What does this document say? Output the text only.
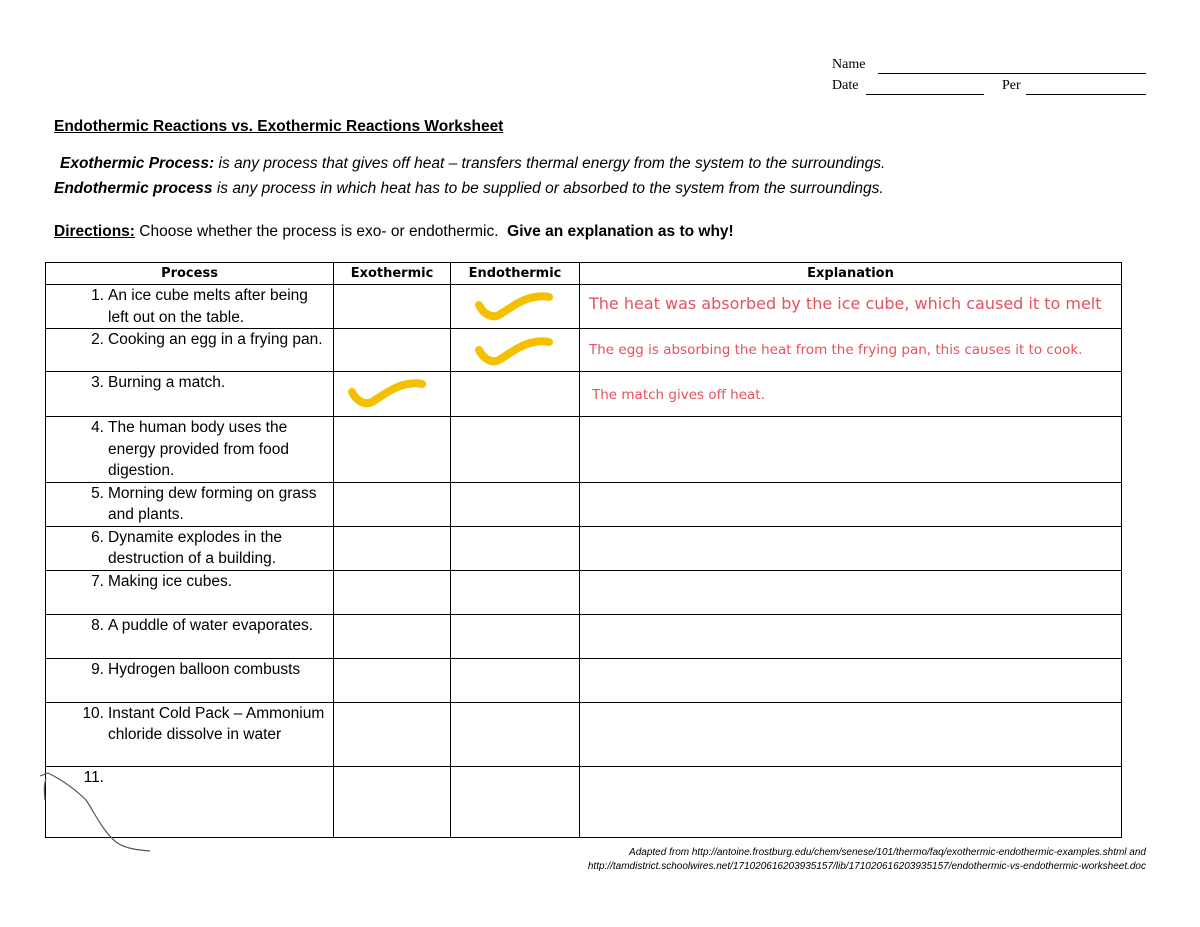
Name
Date	Per
Endothermic Reactions vs. Exothermic Reactions Worksheet
Exothermic Process: is any process that gives off heat – transfers thermal energy from the system to the surroundings.
Endothermic process is any process in which heat has to be supplied or absorbed to the system from the surroundings.
Directions: Choose whether the process is exo- or endothermic. Give an explanation as to why!
Process	Exothermic	Endothermic	Explanation

1. An ice cube melts after being left out on the table.			The heat was absorbed by the ice cube, which caused it to melt

2. Cooking an egg in a frying pan.			The egg is absorbing the heat from the frying pan, this causes it to cook.

3. Burning a match.			The match gives off heat.

4. The human body uses the energy provided from food digestion.			

5. Morning dew forming on grass and plants.			

6. Dynamite explodes in the destruction of a building.			

7. Making ice cubes.			

8. A puddle of water evaporates.			

9. Hydrogen balloon combusts			

10. Instant Cold Pack – Ammonium chloride dissolve in water			

11.			

Adapted from http://antoine.frostburg.edu/chem/senese/101/thermo/faq/exothermic-endothermic-examples.shtml and
http://tamdistrict.schoolwires.net/1710206162039351​57/lib/171020616203935157/endothermic-vs-endothermic-worksheet.doc
